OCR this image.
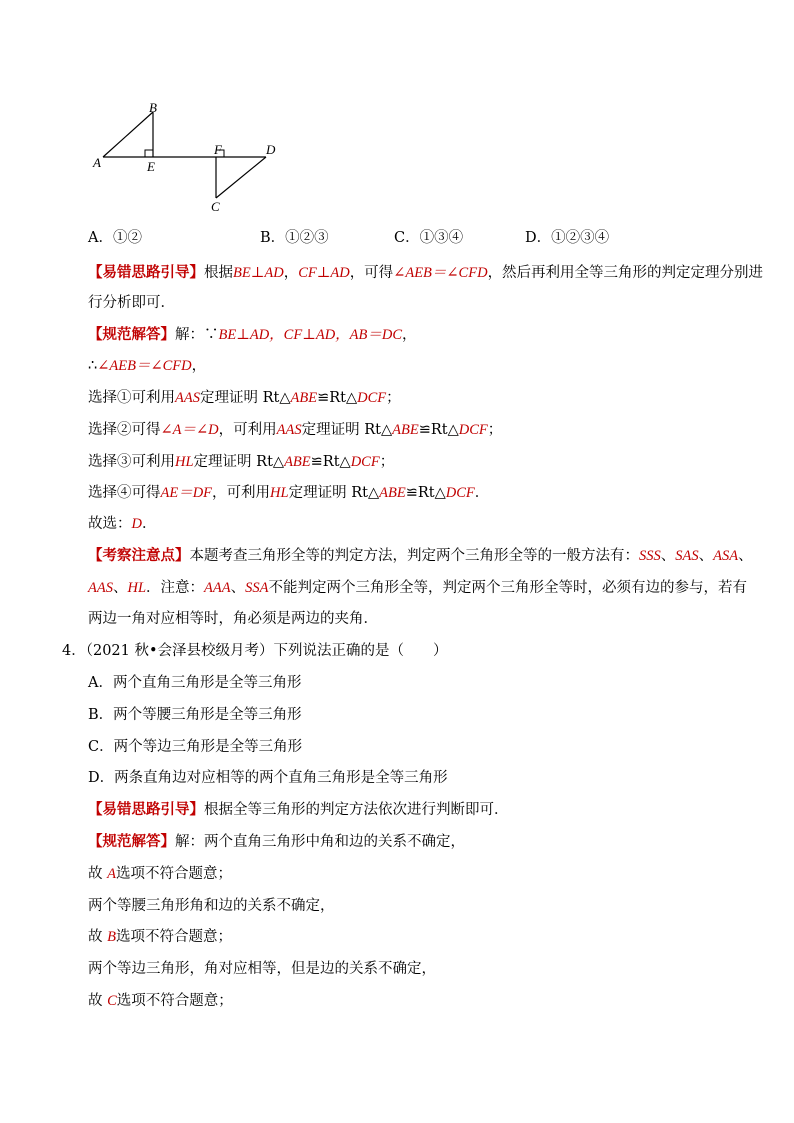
B
A	E
F	D
C
A．①②	B．①②③	C．①③④	D．①②③④
【易错思路引导】根据BE⊥AD，CF⊥AD，可得∠AEB＝∠CFD，然后再利用全等三角形的判定定理分别进
行分析即可．
【规范解答】解：∵BE⊥AD，CF⊥AD，AB＝DC，
∴∠AEB＝∠CFD，
选择①可利用AAS定理证明 Rt△ABE≌Rt△DCF；
选择②可得∠A＝∠D，可利用AAS定理证明 Rt△ABE≌Rt△DCF；
选择③可利用HL定理证明 Rt△ABE≌Rt△DCF；
选择④可得AE＝DF，可利用HL定理证明 Rt△ABE≌Rt△DCF．
故选：D．
【考察注意点】本题考查三角形全等的判定方法，判定两个三角形全等的一般方法有：SSS、SAS、ASA、
AAS、HL．注意：AAA、SSA不能判定两个三角形全等，判定两个三角形全等时，必须有边的参与，若有
两边一角对应相等时，角必须是两边的夹角．
4．（2021 秋•会泽县校级月考）下列说法正确的是（　　）
A．两个直角三角形是全等三角形
B．两个等腰三角形是全等三角形
C．两个等边三角形是全等三角形
D．两条直角边对应相等的两个直角三角形是全等三角形
【易错思路引导】根据全等三角形的判定方法依次进行判断即可．
【规范解答】解：两个直角三角形中角和边的关系不确定，
故 A选项不符合题意；
两个等腰三角形角和边的关系不确定，
故 B选项不符合题意；
两个等边三角形，角对应相等，但是边的关系不确定，
故 C选项不符合题意；
